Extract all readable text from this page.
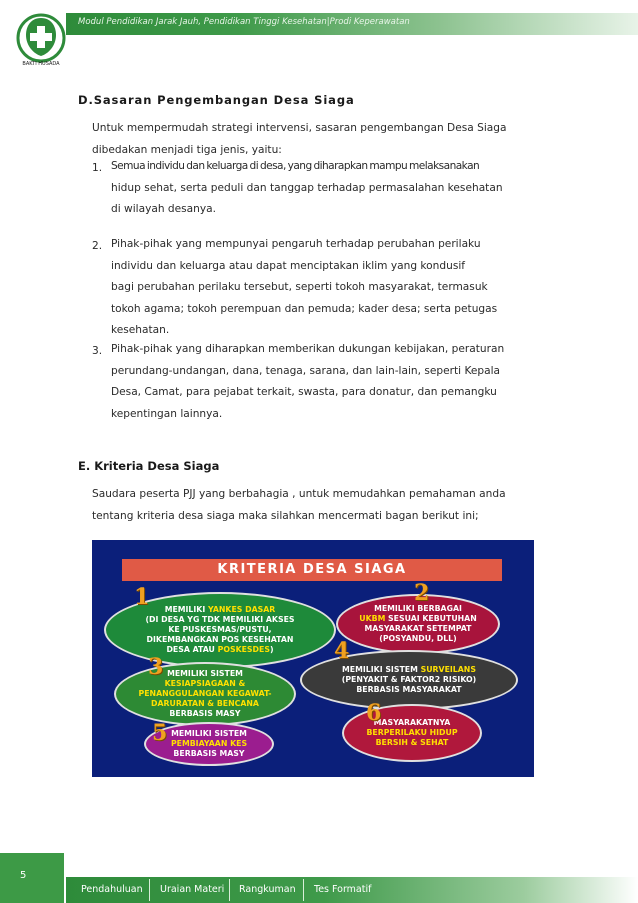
BAKTI HUSADA
Modul Pendidikan Jarak Jauh, Pendidikan Tinggi Kesehatan|Prodi Keperawatan
D.Sasaran Pengembangan Desa Siaga
Untuk mempermudah strategi intervensi, sasaran pengembangan Desa Siaga
dibedakan menjadi tiga jenis, yaitu:
1. Semua individu dan keluarga di desa, yang diharapkan mampu melaksanakan
hidup sehat, serta peduli dan tanggap terhadap permasalahan kesehatan
di wilayah desanya.
2. Pihak-pihak yang mempunyai pengaruh terhadap perubahan perilaku
individu dan keluarga atau dapat menciptakan iklim yang kondusif
bagi perubahan perilaku tersebut, seperti tokoh masyarakat, termasuk
tokoh agama; tokoh perempuan dan pemuda; kader desa; serta petugas
kesehatan.
3. Pihak-pihak yang diharapkan memberikan dukungan kebijakan, peraturan
perundang-undangan, dana, tenaga, sarana, dan lain-lain, seperti Kepala
Desa, Camat, para pejabat terkait, swasta, para donatur, dan pemangku
kepentingan lainnya.
E. Kriteria Desa Siaga
Saudara peserta PJJ yang berbahagia , untuk memudahkan pemahaman anda
tentang kriteria desa siaga maka silahkan mencermati bagan berikut ini;
KRITERIA DESA SIAGA
MEMILIKI YANKES DASAR
(DI DESA YG TDK MEMILIKI AKSES
KE PUSKESMAS/PUSTU,
DIKEMBANGKAN POS KESEHATAN
DESA ATAU POSKESDES)
MEMILIKI BERBAGAI
UKBM SESUAI KEBUTUHAN
MASYARAKAT SETEMPAT
(POSYANDU, DLL)
MEMILIKI SISTEM SURVEILANS
(PENYAKIT & FAKTOR2 RISIKO)
BERBASIS MASYARAKAT
MEMILIKI SISTEM
KESIAPSIAGAAN &
PENANGGULANGAN KEGAWAT-
DARURATAN & BENCANA
BERBASIS MASY
MEMILIKI SISTEM
PEMBIAYAAN KES
BERBASIS MASY
MASYARAKATNYA
BERPERILAKU HIDUP
BERSIH & SEHAT
1	2
3
4
5
6
5
Pendahuluan Uraian Materi Rangkuman Tes Formatif
